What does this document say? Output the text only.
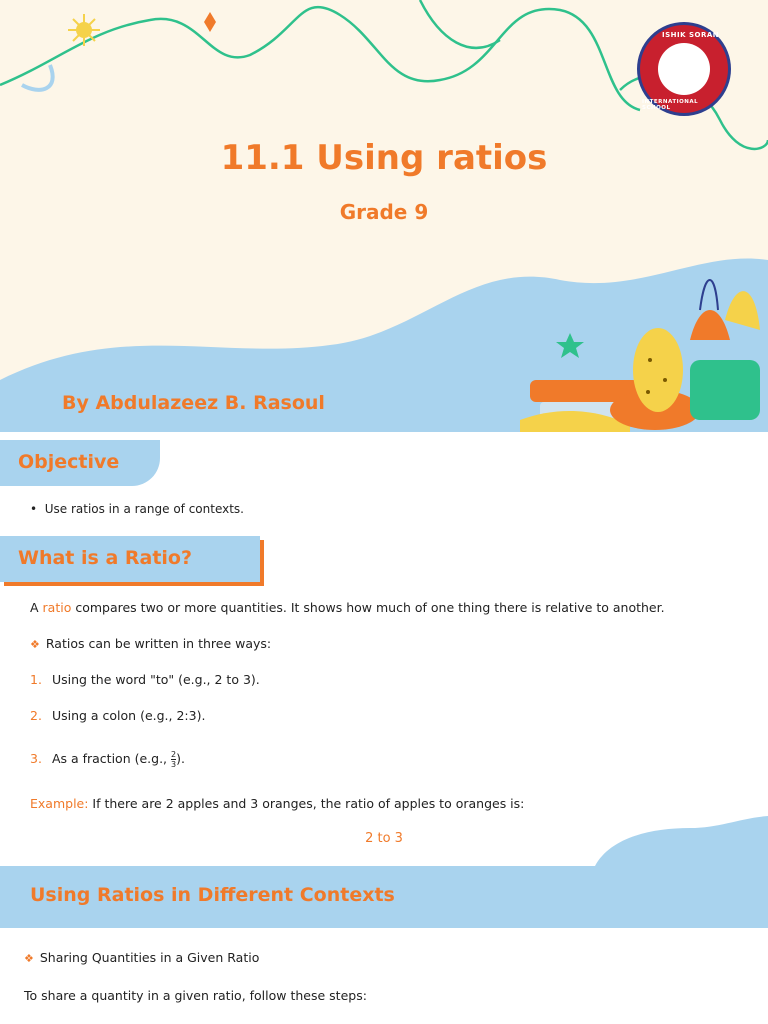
ISHIK SORAN
INTERNATIONAL SCHOOL
11.1 Using ratios
Grade 9
By Abdulazeez B. Rasoul
Objective
•  Use ratios in a range of contexts.
What is a Ratio?
A ratio compares two or more quantities. It shows how much of one thing there is relative to another.
❖ Ratios can be written in three ways:
1. Using the word "to" (e.g., 2 to 3).
2. Using a colon (e.g., 2:3).
3. As a fraction (e.g., $\frac{2}{3}$ ).
Example: If there are 2 apples and 3 oranges, the ratio of apples to oranges is:
2 to 3
Using Ratios in Different Contexts
❖ Sharing Quantities in a Given Ratio
To share a quantity in a given ratio, follow these steps:
